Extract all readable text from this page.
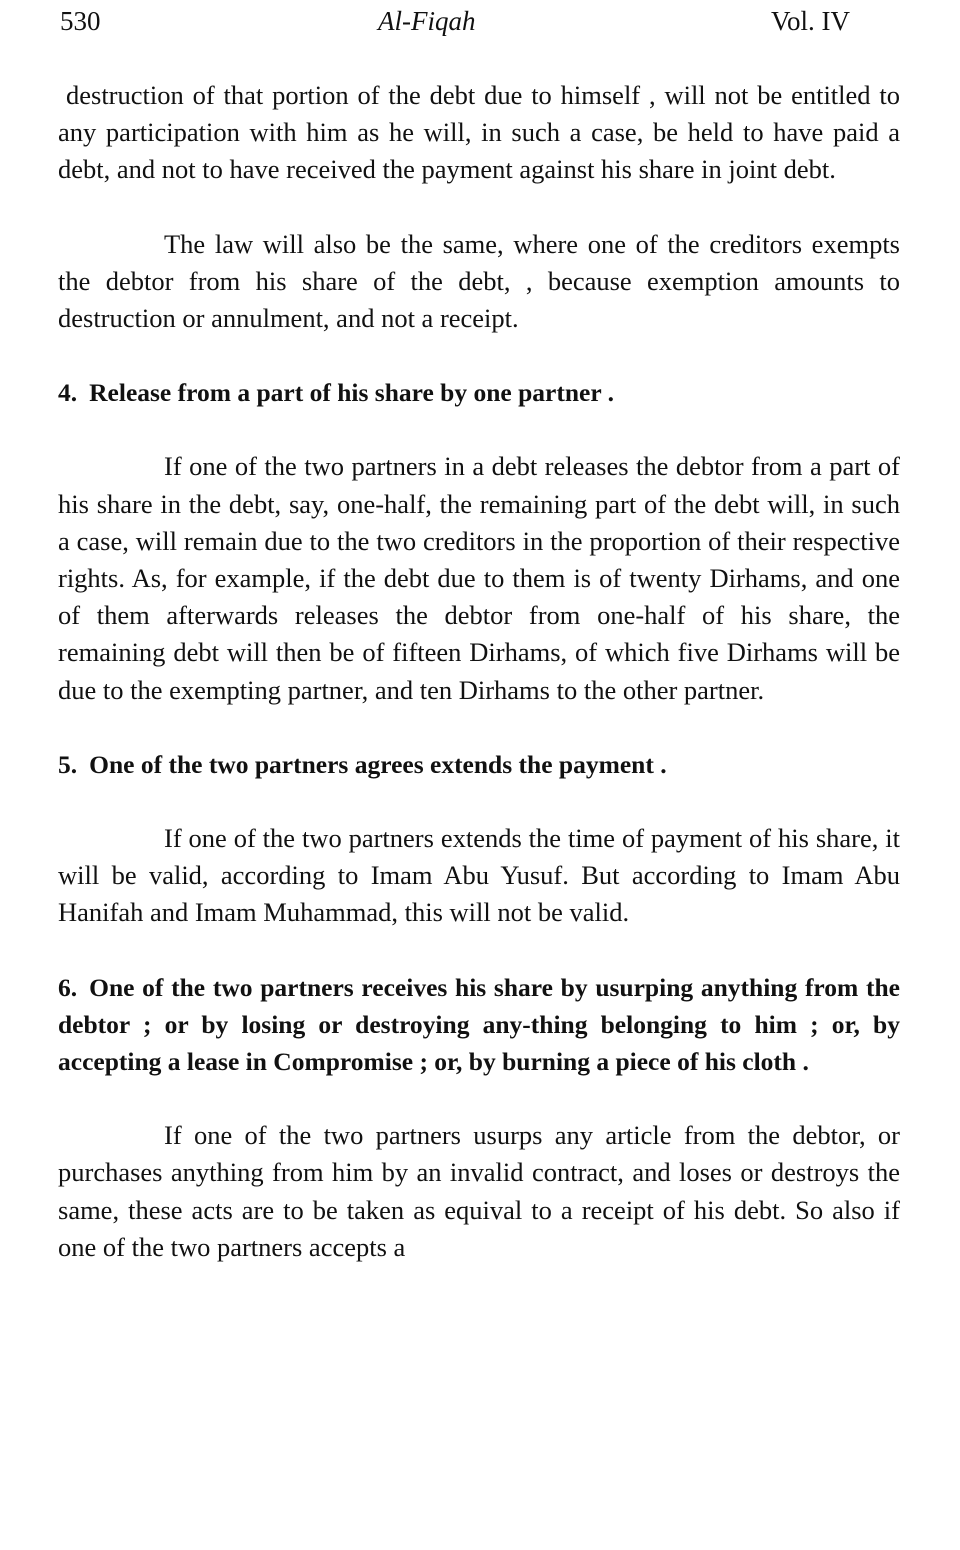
530	Al-Fiqah	Vol. IV

destruction of that portion of the debt due to himself , will not be entitled to any participation with him as he will, in such a case, be held to have paid a debt, and not to have received the payment against his share in joint debt.

The law will also be the same, where one of the creditors exempts the debtor from his share of the debt, , because exemption amounts to destruction or annulment, and not a receipt.

4. Release from a part of his share by one partner .

If one of the two partners in a debt releases the debtor from a part of his share in the debt, say, one-half, the remaining part of the debt will, in such a case, will remain due to the two creditors in the proportion of their respective rights. As, for example, if the debt due to them is of twenty Dirhams, and one of them afterwards releases the debtor from one-half of his share, the remaining debt will then be of fifteen Dirhams, of which five Dirhams will be due to the exempting partner, and ten Dirhams to the other partner.

5. One of the two partners agrees extends the payment .

If one of the two partners extends the time of payment of his share, it will be valid, according to Imam Abu Yusuf. But according to Imam Abu Hanifah and Imam Muhammad, this will not be valid.

6. One of the two partners receives his share by usurping anything from the debtor ; or by losing or destroying any-thing belonging to him ; or, by accepting a lease in Compromise ; or, by burning a piece of his cloth .

If one of the two partners usurps any article from the debtor, or purchases anything from him by an invalid contract, and loses or destroys the same, these acts are to be taken as equival to a receipt of his debt. So also if one of the two partners accepts a
